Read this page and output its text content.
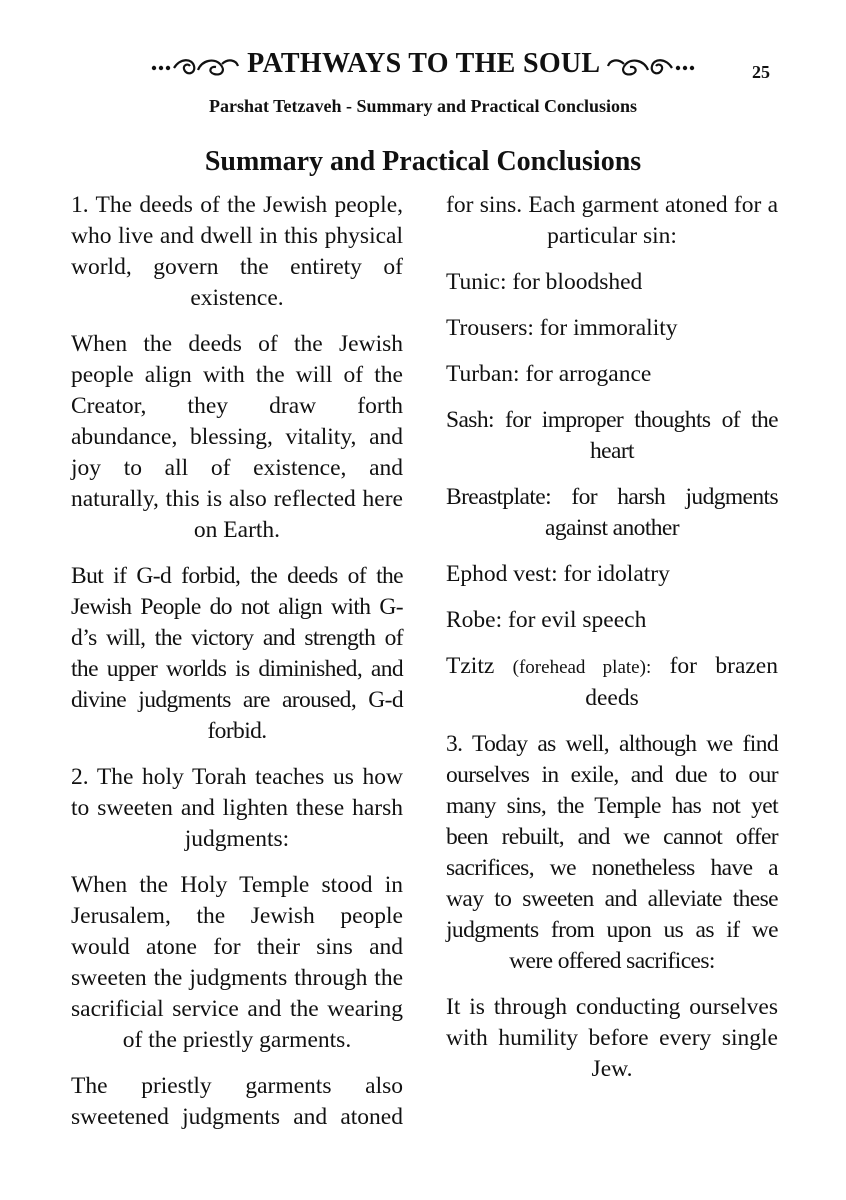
PATHWAYS TO THE SOUL	25
Parshat Tetzaveh - Summary and Practical Conclusions
Summary and Practical Conclusions

1. The deeds of the Jewish people, who live and dwell in this physical world, govern the entirety of existence.

When the deeds of the Jewish people align with the will of the Creator, they draw forth abundance, blessing, vitality, and joy to all of existence, and naturally, this is also reflected here on Earth.

But if G-d forbid, the deeds of the Jewish People do not align with G-d’s will, the victory and strength of the upper worlds is diminished, and divine judgments are aroused, G-d forbid.

2. The holy Torah teaches us how to sweeten and lighten these harsh judgments:

When the Holy Temple stood in Jerusalem, the Jewish people would atone for their sins and sweeten the judgments through the sacrificial service and the wearing of the priestly garments.

The priestly garments also sweetened judgments and atoned

for sins. Each garment atoned for a particular sin:

Tunic: for bloodshed

Trousers: for immorality

Turban: for arrogance

Sash: for improper thoughts of the heart

Breastplate: for harsh judgments against another

Ephod vest: for idolatry

Robe: for evil speech

Tzitz (forehead plate): for brazen deeds

3. Today as well, although we find ourselves in exile, and due to our many sins, the Temple has not yet been rebuilt, and we cannot offer sacrifices, we nonetheless have a way to sweeten and alleviate these judgments from upon us as if we were offered sacrifices:

It is through conducting ourselves with humility before every single Jew.
